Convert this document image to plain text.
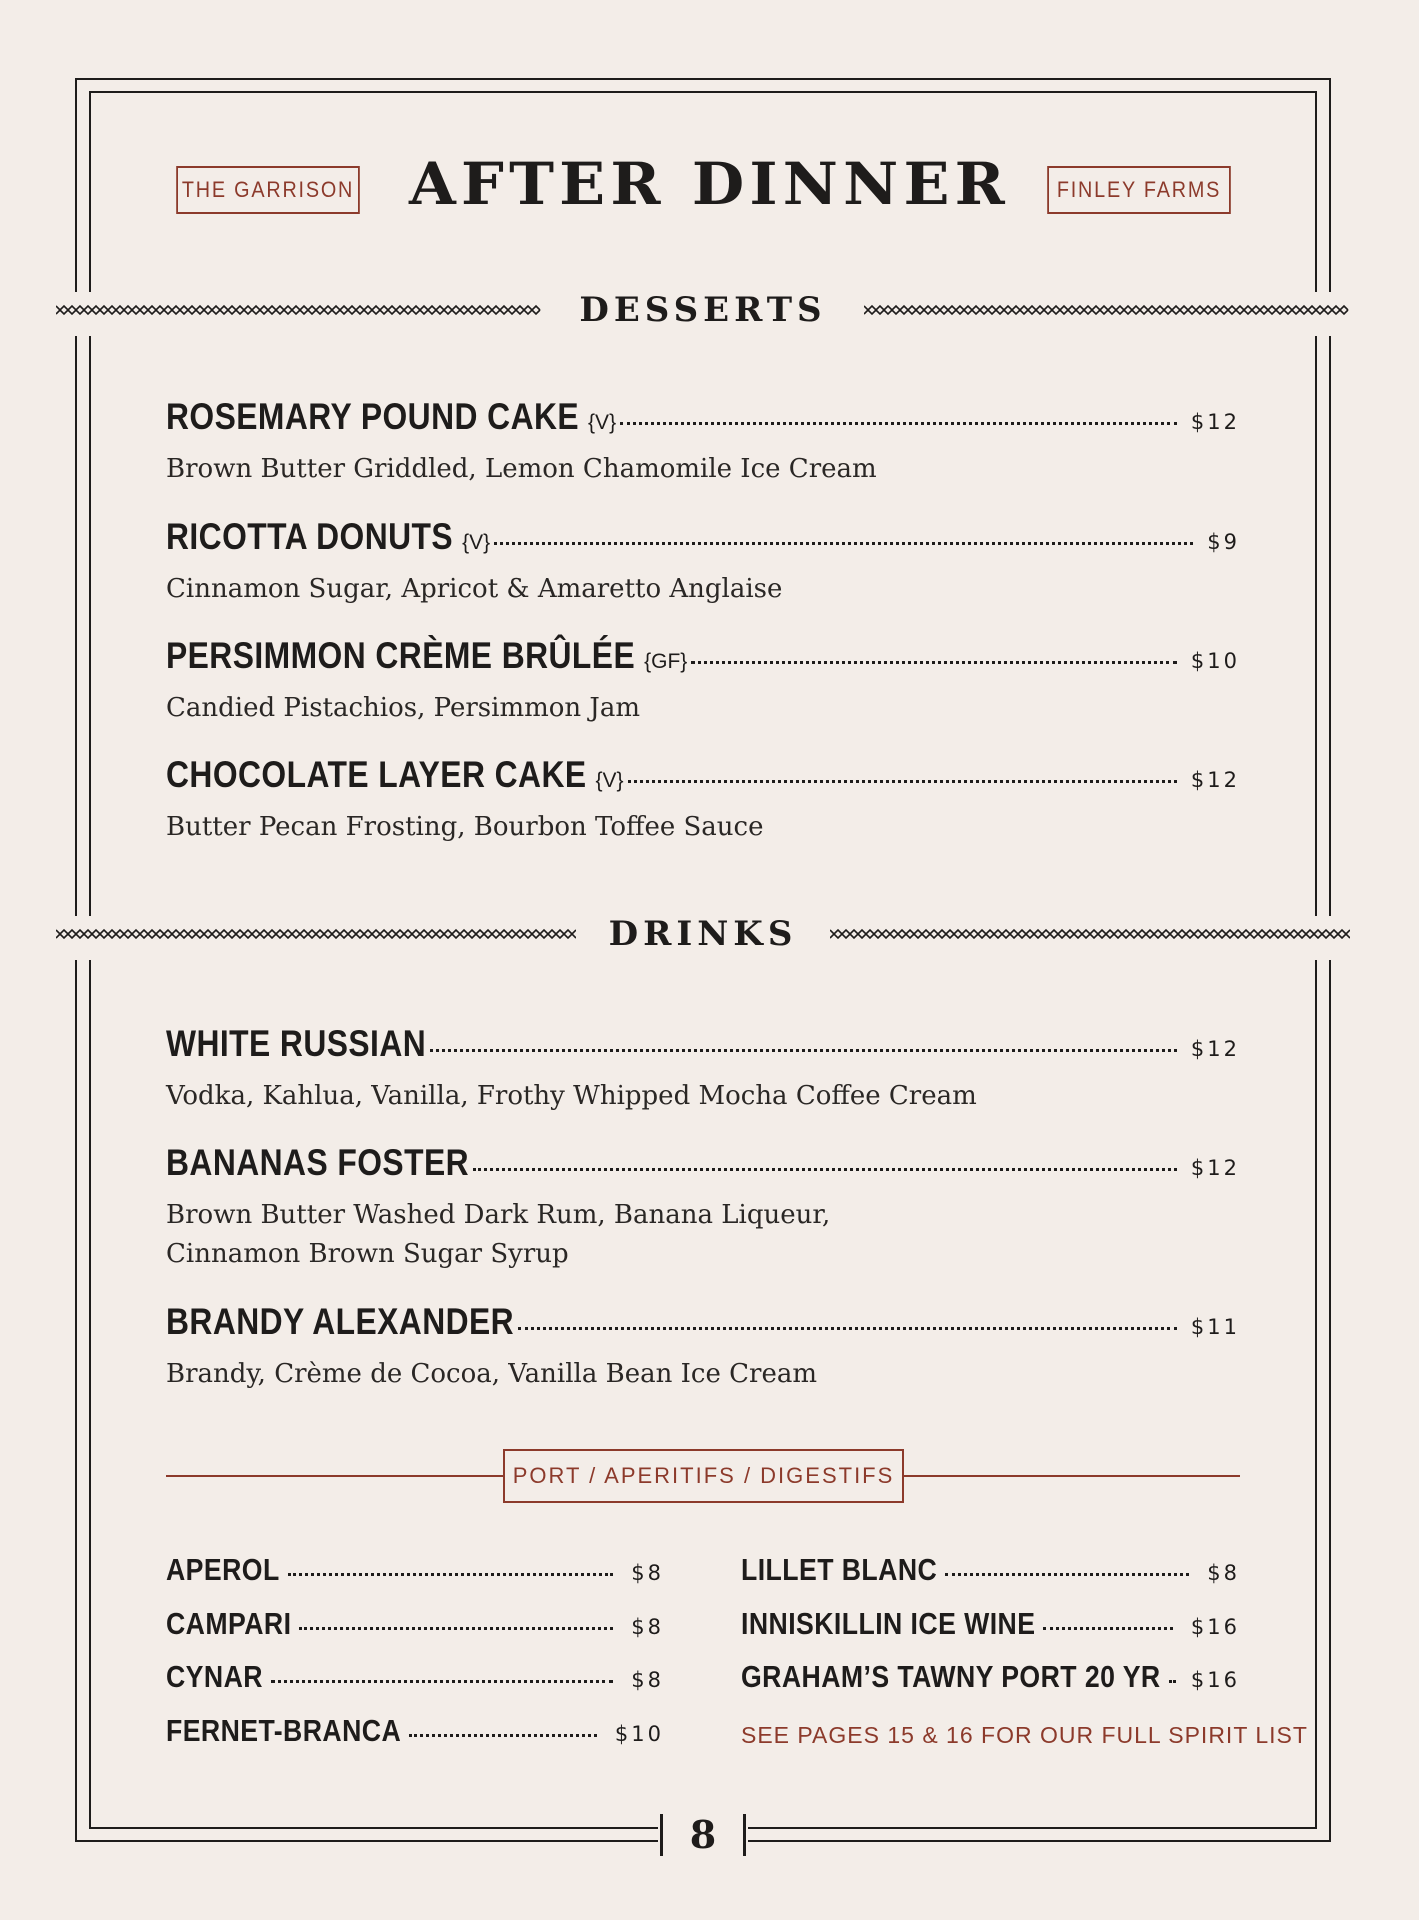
THE GARRISON AFTER DINNER	FINLEY FARMS
DESSERTS
ROSEMARY POUND CAKE {V}	$12
Brown Butter Griddled, Lemon Chamomile Ice Cream
RICOTTA DONUTS {V}	$9
Cinnamon Sugar, Apricot & Amaretto Anglaise
PERSIMMON CRÈME BRÛLÉE {GF}	$10
Candied Pistachios, Persimmon Jam
CHOCOLATE LAYER CAKE {V}	$12
Butter Pecan Frosting, Bourbon Toffee Sauce
DRINKS
WHITE RUSSIAN	$12
Vodka, Kahlua, Vanilla, Frothy Whipped Mocha Coffee Cream
BANANAS FOSTER	$12
Brown Butter Washed Dark Rum, Banana Liqueur,
Cinnamon Brown Sugar Syrup
BRANDY ALEXANDER	$11
Brandy, Crème de Cocoa, Vanilla Bean Ice Cream
PORT / APERITIFS / DIGESTIFS
APEROL	$8
CAMPARI	$8
CYNAR	$8
FERNET-BRANCA	$10
LILLET BLANC	$8
INNISKILLIN ICE WINE	$16
GRAHAM’S TAWNY PORT 20 YR $16
SEE PAGES 15 & 16 FOR OUR FULL SPIRIT LIST
8
